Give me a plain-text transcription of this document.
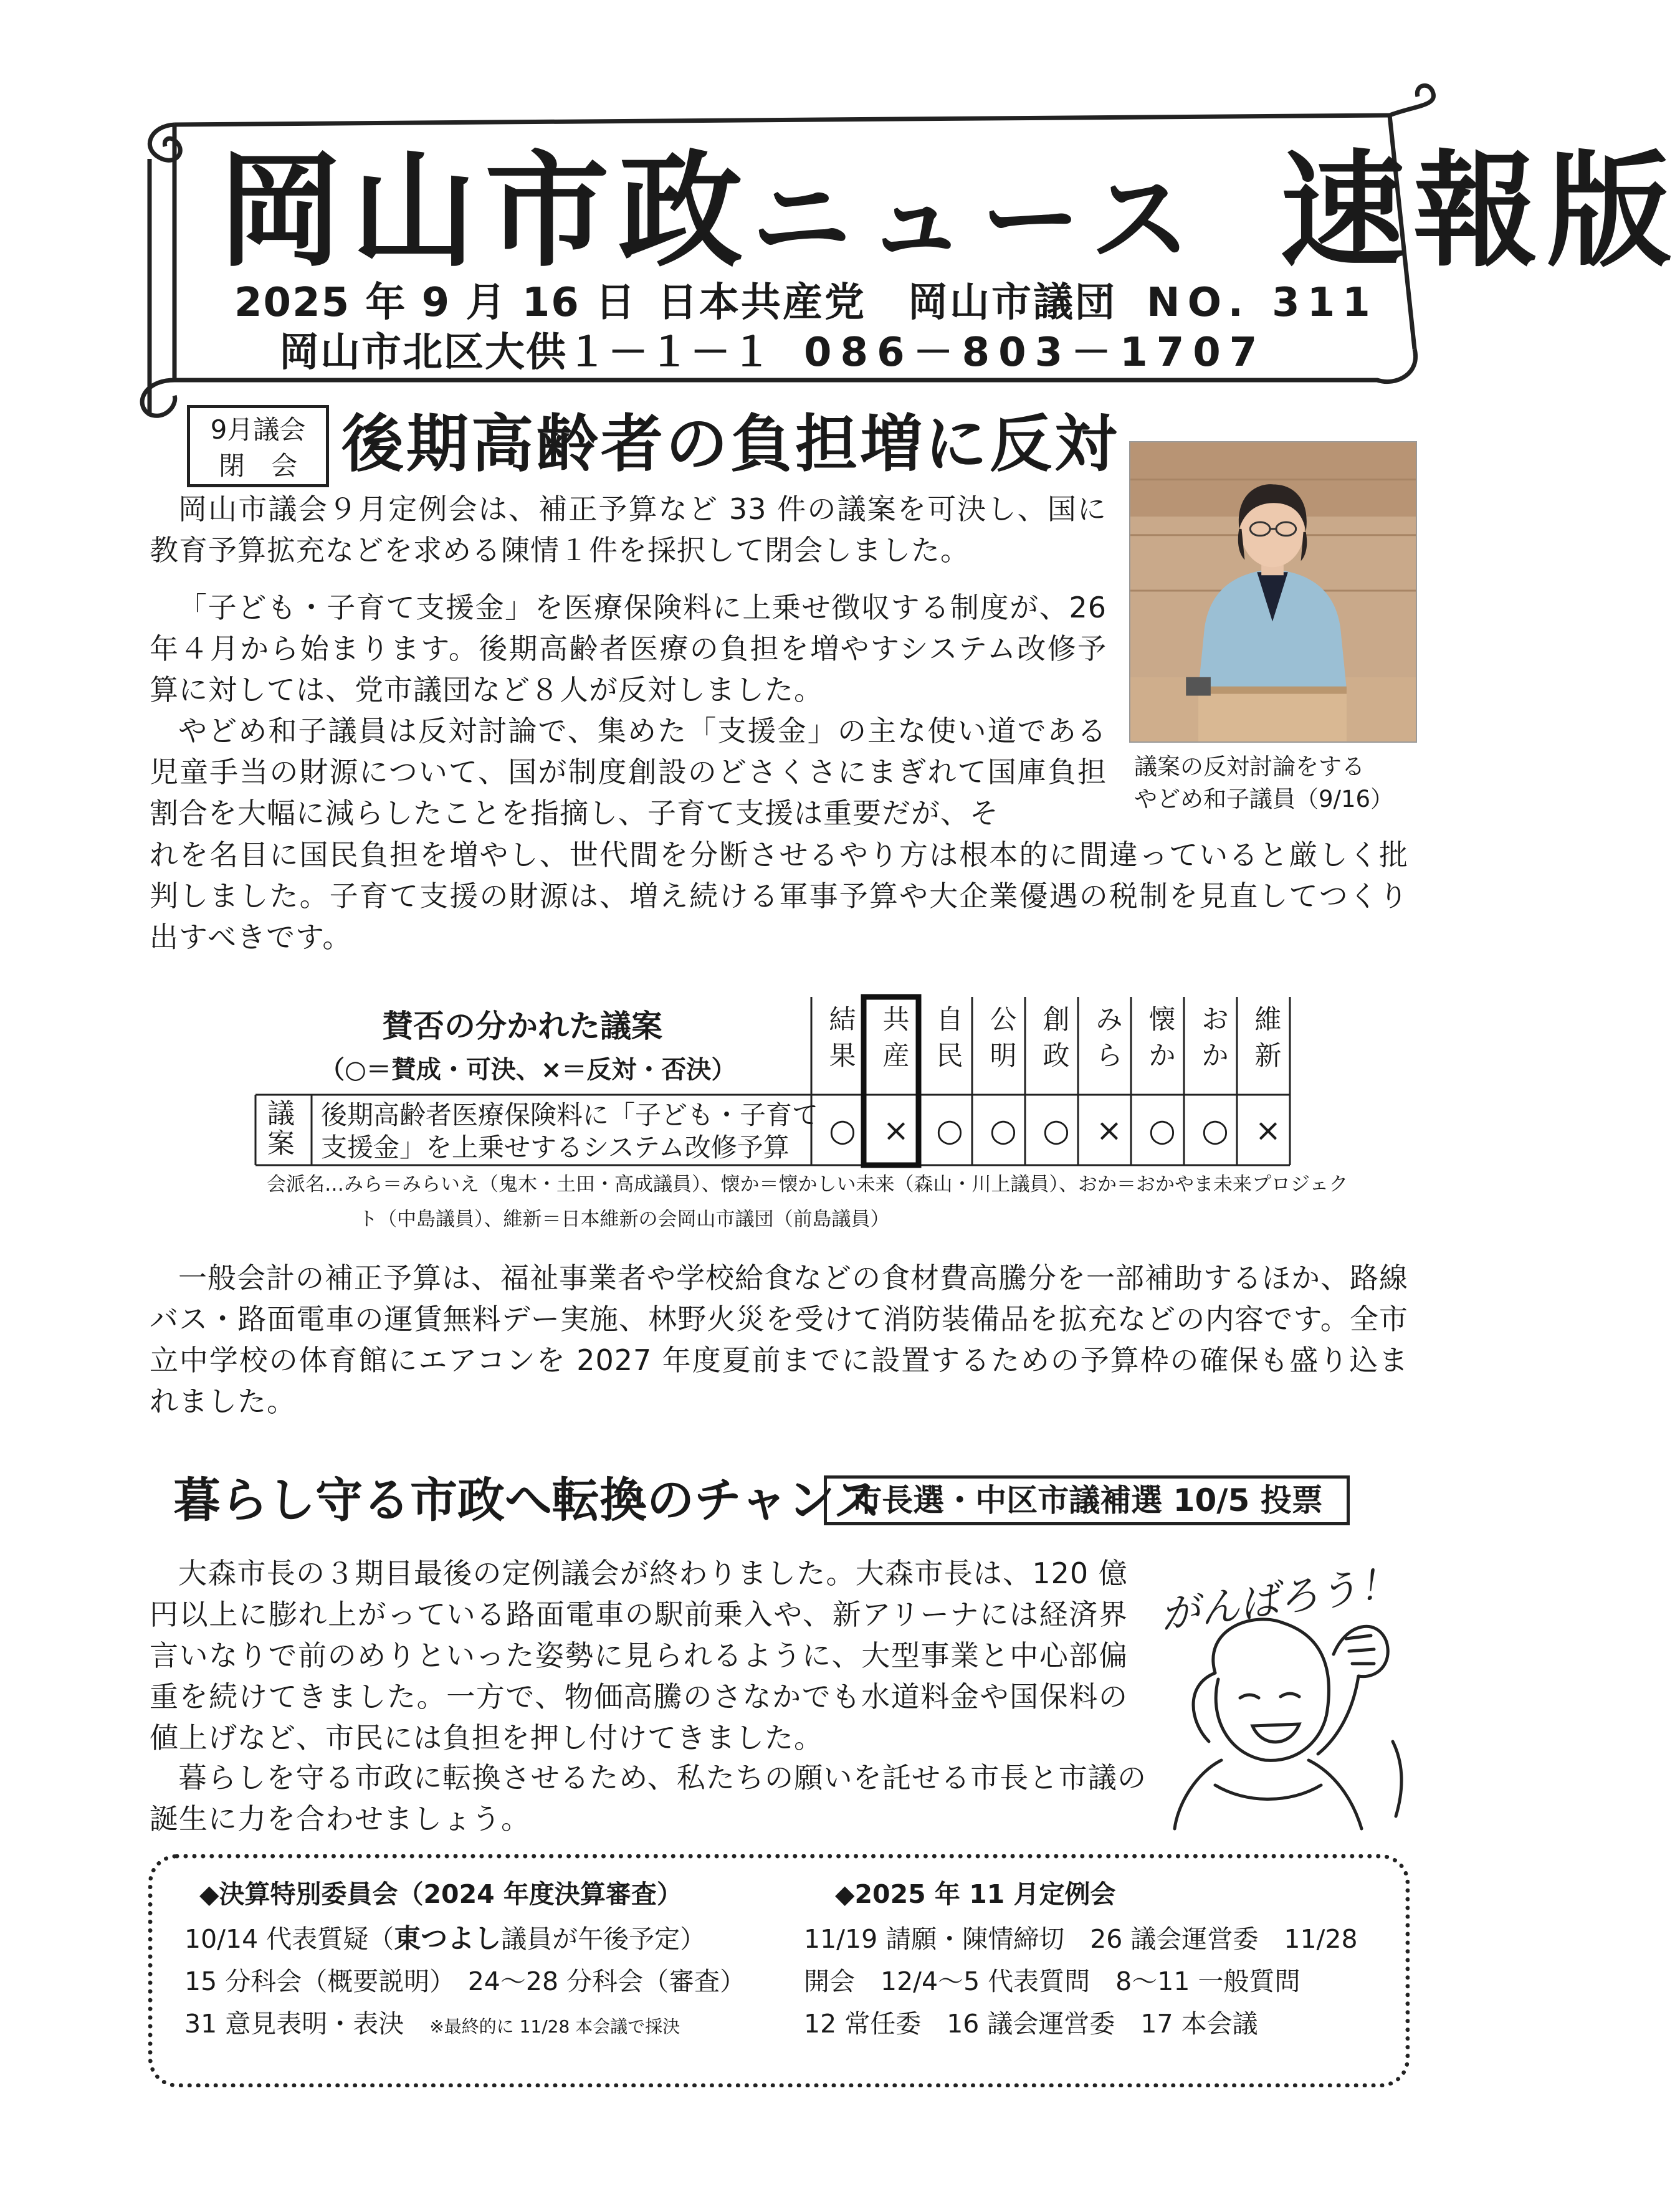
岡山市政ニュース 速報版
2025 年 9 月 16 日 日本共産党　岡山市議団 NO. 311
岡山市北区大供１－１－１ 086－803－1707
9月議会
閉　会 後期高齢者の負担増に反対
議案の反対討論をする
やどめ和子議員（9/16）

岡山市議会９月定例会は、補正予算など 33 件の議案を可決し、国に教育予算拡充などを求める陳情１件を採択して閉会しました。

「子ども・子育て支援金」を医療保険料に上乗せ徴収する制度が、26 年４月から始まります。後期高齢者医療の負担を増やすシステム改修予算に対しては、党市議団など８人が反対しました。

やどめ和子議員は反対討論で、集めた「支援金」の主な使い道である児童手当の財源について、国が制度創設のどさくさにまぎれて国庫負担割合を大幅に減らしたことを指摘し、子育て支援は重要だが、そ

れを名目に国民負担を増やし、世代間を分断させるやり方は根本的に間違っていると厳しく批判しました。子育て支援の財源は、増え続ける軍事予算や大企業優遇の税制を見直してつくり出すべきです。

賛否の分かれた議案
（○＝賛成・可決、×＝反対・否決）
結
果
共
産
自
民
公
明
創
政
み
ら
懐
か
お
か
維
新
○ × ○ ○ ○ × ○ ○ ×
議
案
後期高齢者医療保険料に「子ども・子育て
支援金」を上乗せするシステム改修予算
会派名…みら＝みらいえ（鬼木・土田・高成議員）、懐か＝懐かしい未来（森山・川上議員）、おか＝おかやま未来プロジェク
ト（中島議員）、維新＝日本維新の会岡山市議団（前島議員）

一般会計の補正予算は、福祉事業者や学校給食などの食材費高騰分を一部補助するほか、路線バス・路面電車の運賃無料デー実施、林野火災を受けて消防装備品を拡充などの内容です。全市立中学校の体育館にエアコンを 2027 年度夏前までに設置するための予算枠の確保も盛り込まれました。

暮らし守る市政へ転換のチャンス
市長選・中区市議補選 10/5 投票

大森市長の３期目最後の定例議会が終わりました。大森市長は、120 億円以上に膨れ上がっている路面電車の駅前乗入や、新アリーナには経済界言いなりで前のめりといった姿勢に見られるように、大型事業と中心部偏重を続けてきました。一方で、物価高騰のさなかでも水道料金や国保料の値上げなど、市民には負担を押し付けてきました。

暮らしを守る市政に転換させるため、私たちの願いを託せる市長と市議の誕生に力を合わせましょう。

がんばろう！
◆決算特別委員会（2024 年度決算審査）	◆2025 年 11 月定例会
10/14 代表質疑（東つよし議員が午後予定）
15 分科会（概要説明）　24～28 分科会（審査）
31 意見表明・表決　 ※最終的に 11/28 本会議で採決
11/19 請願・陳情締切　26 議会運営委　11/28
開会　12/4～5 代表質問　8～11 一般質問
12 常任委　16 議会運営委　17 本会議
